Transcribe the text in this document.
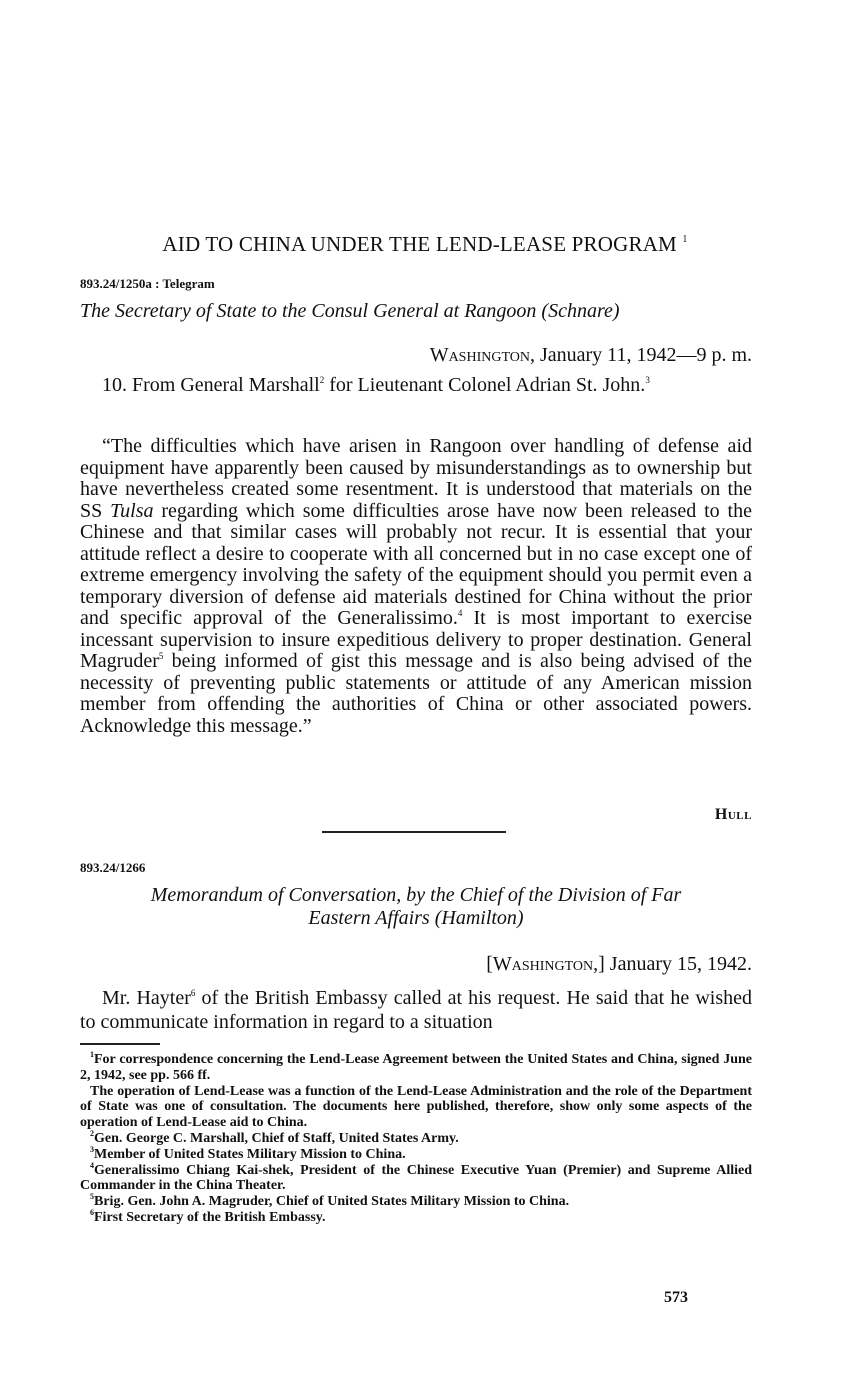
AID TO CHINA UNDER THE LEND-LEASE PROGRAM $^1$
893.24/1250a : Telegram
The Secretary of State to the Consul General at Rangoon (Schnare)
Washington, January 11, 1942—9 p. m.

10. From General Marshall$^2$ for Lieutenant Colonel Adrian St. John.$^3$

“The difficulties which have arisen in Rangoon over handling of defense aid equipment have apparently been caused by misunderstandings as to ownership but have nevertheless created some resentment. It is understood that materials on the SS Tulsa regarding which some difficulties arose have now been released to the Chinese and that similar cases will probably not recur. It is essential that your attitude reflect a desire to cooperate with all concerned but in no case except one of extreme emergency involving the safety of the equipment should you permit even a temporary diversion of defense aid materials destined for China without the prior and specific approval of the Generalissimo.$^4$ It is most important to exercise incessant supervision to insure expeditious delivery to proper destination. General Magruder$^5$ being informed of gist this message and is also being advised of the necessity of preventing public statements or attitude of any American mission member from offending the authorities of China or other associated powers. Acknowledge this message.”

Hull
893.24/1266
Memorandum of Conversation, by the Chief of the Division of Far
Eastern Affairs (Hamilton)
[Washington,] January 15, 1942.

Mr. Hayter$^6$ of the British Embassy called at his request. He said that he wished to communicate information in regard to a situation

$^1$For correspondence concerning the Lend-Lease Agreement between the United States and China, signed June 2, 1942, see pp. 566 ff.

The operation of Lend-Lease was a function of the Lend-Lease Administration and the role of the Department of State was one of consultation. The documents here published, therefore, show only some aspects of the operation of Lend-Lease aid to China.

$^2$Gen. George C. Marshall, Chief of Staff, United States Army.

$^3$Member of United States Military Mission to China.

$^4$Generalissimo Chiang Kai-shek, President of the Chinese Executive Yuan (Premier) and Supreme Allied Commander in the China Theater.

$^5$Brig. Gen. John A. Magruder, Chief of United States Military Mission to China.

$^6$First Secretary of the British Embassy.

573
